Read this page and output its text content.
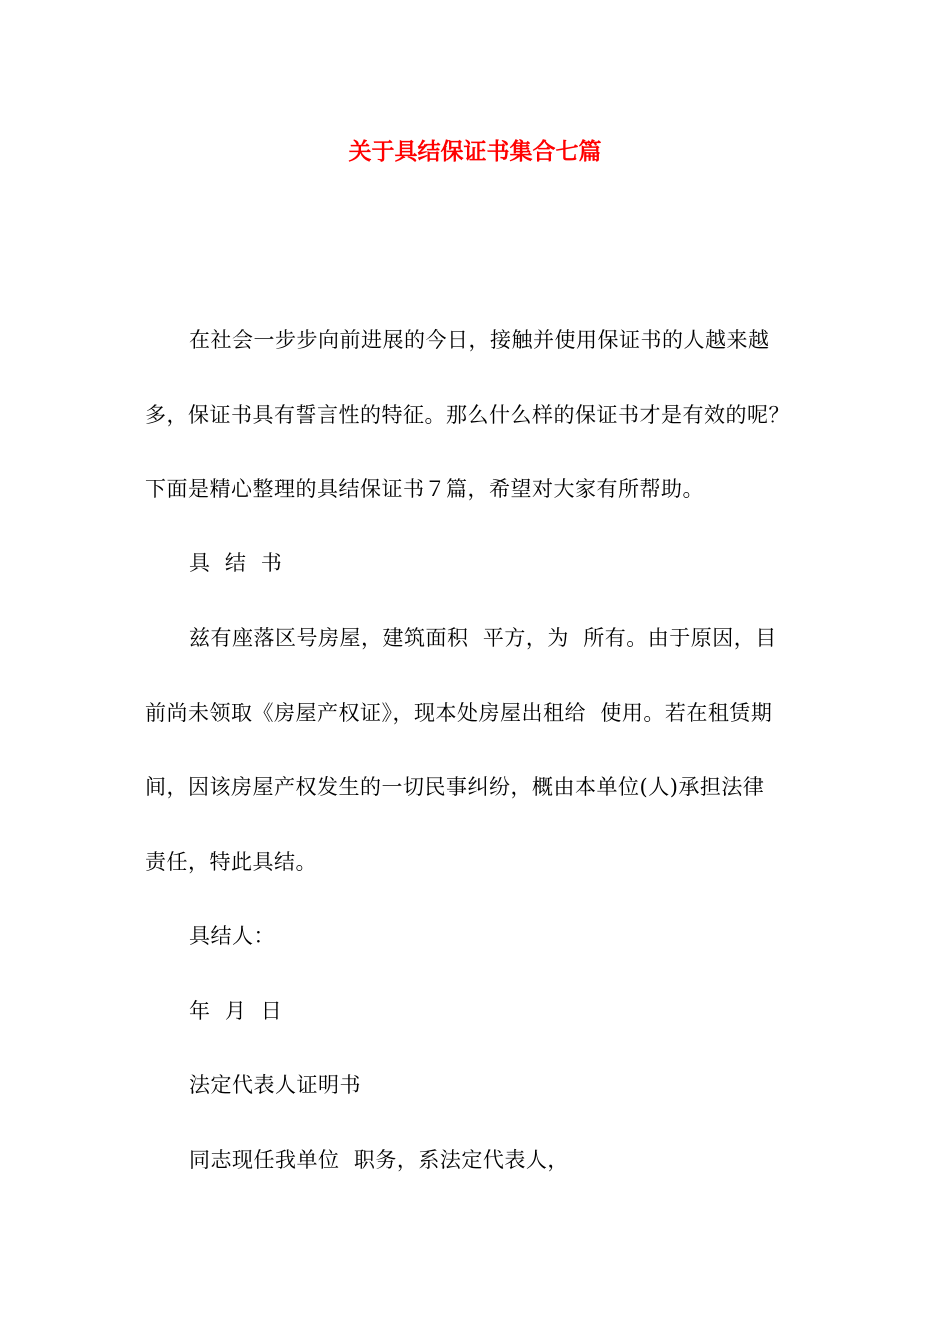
关于具结保证书集合七篇
在社会一步步向前进展的今日，接触并使用保证书的人越来越
多，保证书具有誓言性的特征。那么什么样的保证书才是有效的呢？
下面是精心整理的具结保证书７篇，希望对大家有所帮助。
具  结  书
兹有座落区号房屋，建筑面积  平方，为  所有。由于原因，目
前尚未领取《房屋产权证》，现本处房屋出租给  使用。若在租赁期
间，因该房屋产权发生的一切民事纠纷，概由本单位(人)承担法律
责任，特此具结。
具结人：
年  月  日
法定代表人证明书
同志现任我单位  职务，系法定代表人，
